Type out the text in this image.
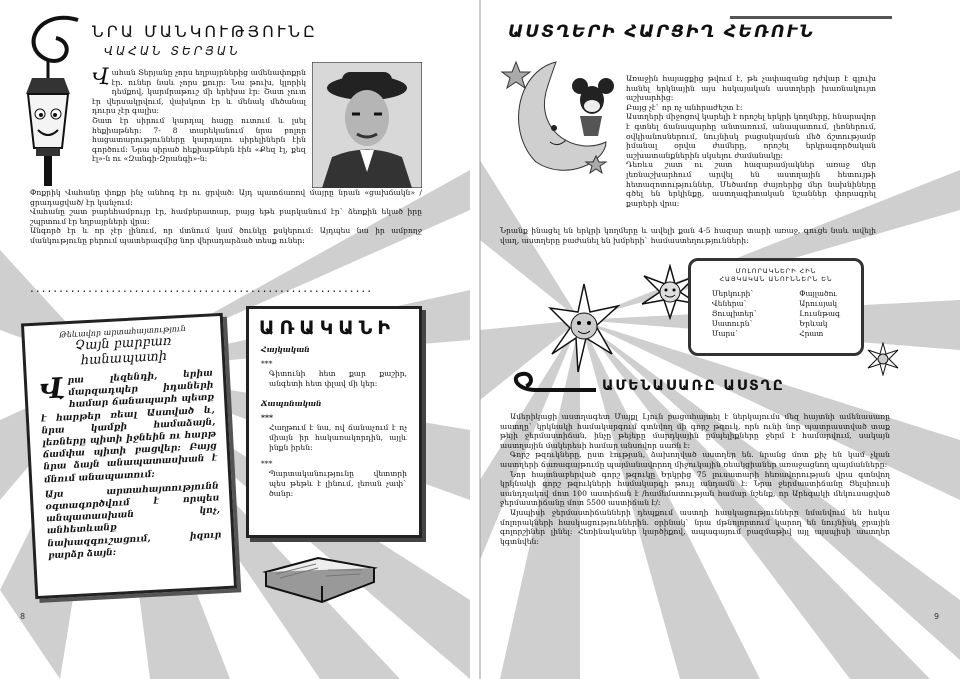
ՆՐԱ ՄԱՆԿՈՒԹՅՈՒՆԸ
ՎԱՀԱՆ ՏԵՐՅԱՆ
Վ ահան Տերյանը չորս եղբայրներից ամենափոքրն էր. ուներ նաև չորս քույր: Նա թուխ, կլորիկ դեմքով, կարմրաթուշ մի երեխա էր: Շատ չուտ էր վերսակրվում, վախկոտ էր և մենակ մեծանալ դուրս չէր գալիս:
Շատ էր սիրում կարդալ հացը ուտում և լսել հեքիաթներ: 7- 8 տարեկանում նրա բոլոր հացատարությունները կարդալու սիրելիներն էին գործում: Նրա սիրած հեքիաթներն էին «Քեզ էլ, քեզ էլ»-ն ու «Զանգի-Զրանգի»-ն:
Փոքրիկ Վահանը փոքր ինչ անհոգ էր ու ցրված: Այդ պատճառով մայրը նրան «ցախճակն» /ցրադացված/ էր կանչում:
Վահանը շատ բարեհամբույր էր, համբերատար, բայց եթե բարկանում էր` ձեռքին եկած իրը շպրտում էր եղբայրների վրա:
Անգործ էր և որ չէր լինում, որ մտնում կամ ծունկը քսկերում: Այդպես նա իր ամբողջ մանկությունը բերում պատերազմից նոր վերադարձած տեսք ուներ:
...........................................................
Թեևավոր արտահայտություն
Չայն բարբառ
հանապատի
Վ րա լեզենդի, երիա մարզադպեր իդաների համար ճանապարհ պետք է հարթեր ռեալ Աստված և, նրա կամքի համաձայն, լեռները պիտի իջնեին ու հարթ ճամփա պիտի բացվեր: Բայց նրա ձայն անապատասխան է մնում անապատում:
Այս արտահայտությունն օգտագործվում է որպես անպատասխան կոչ, անհետևանք նախազգուշացում, իզուր բարձր ձայն:
ԱՌԱԿԱՆԻ
Հայկական
***
Գիտունի հետ քար քաշիր, անգետի հետ փլավ մի կեր:
Ճապոնական
***
Հաղթում է նա, ով ճանաչում է ոչ միայն իր հակառակորդին, այլև ինքն իրեն:
***
Պարտականությունը վետտրի պես թեթև է լինում, լեռան չափ` ծանր:
8
ԱՍՏՂԵՐԻ ՀԱՐՑԻՂ ՀԵՌՈՒՆ
Առաջին հայացքից թվում է, թե չափազանց դժվար է գլուխ հանել երկնային այս հսկայական աստղերի խառնակույտ աշխարհից:
Բայց չէ` որ ոչ անհրաժեշտ է:
Աստղերի միջոցով կարելի է որոշել երկրի կողմերը, հնարավոր է գտնել ճանապարհը անտառում, անապատում, լեռներում, օվկիանոսներում, նույնիսկ բացակայման մեծ ճշտությամբ իմանալ օրվա ժամերը, որոշել երկրագործական աշխատանքներին սկսելու ժամանակը:
Դեռևս շատ ու շատ հազարամյակներ առաջ մեր լեռնաշխարհում արվել են աստղային հետույթի հետազոտություններ, Մեծամոր ժայռերից մեր նախնիները գծել են երկինքը, աստղագիտական նշաններ փորագրել քարերի վրա:
Նրանք ինացել են երկրի կողմերը և ավելի քան 4-5 հազար տարի առաջ, գուցե նաև ավելի վաղ, աստղերը բաժանել են խմբերի` համաստեղությունների:
ՄՈԼՈՐԱԿՆԵՐԻ ՀԻՆ
ՀԱՅԿԱԿԱՆ ԱՆՈՒՆՆԵՐՆ ԵՆ
Մերկուրի`
Վեներա`
Յուպիտեր`
Սատուրն`
Մարս`
Փայլածու
Արուսյակ
Լուսնթագ
Երևակ
Հրատ
ԱՄԵՆԱՍԱՌԸ ԱՍՏՂԸ
Ամերիկացի աստղագետ Մայքլ Լյուն բացահայտել է ներկայումս մեզ հայտնի ամենասառը աստղը` կրկնակի համակարգում գտնվող մի գորշ թզուկ, որն ունի նոր պատրաստված տաք թեյի ջերմաստիճան, ինչը թեյերը մարդկային ըմպելիքները ջերմ է համարվում, սակայն աստղային մակերեսի համար անսովոր սառն է:
Գորշ թզուկները, ըստ էության, ձախողված աստղեր են. նրանց մոտ քիչ են կամ չկան աստղերի ճառագայթումը պայմանավորող միջուկային ռեակցիաներ առաջացնող պայմանները:
Նոր հայտնաբերված գորշ թզուկը Երկրից 75 լուսատարի հեռավորության վրա գտնվող կրկնակի գորշ թզուկների համակարգի թույլ անդամն է: Նրա ջերմաստիճանը Ցելսիուսի սանդղակով մոտ 100 աստիճան է /համեմատության համար նշենք, որ Արեգակի մեկուսացված ջերմաստիճանը մոտ 5500 աստիճան է/:
Այսպիսի ջերմաստիճանների դեպքում աստղի հասկացությունները նմանվում են հսկա մոլորակների հասկացություններին. օրինակ` նրա մթնոլորտում կարող են նույնիսկ ջրային գոլորշիներ լինել: Հեռինականեր կարծիքով, ապագայում բազմաթիվ այլ այսպիսի աստղեր կգտնվեն:
9
